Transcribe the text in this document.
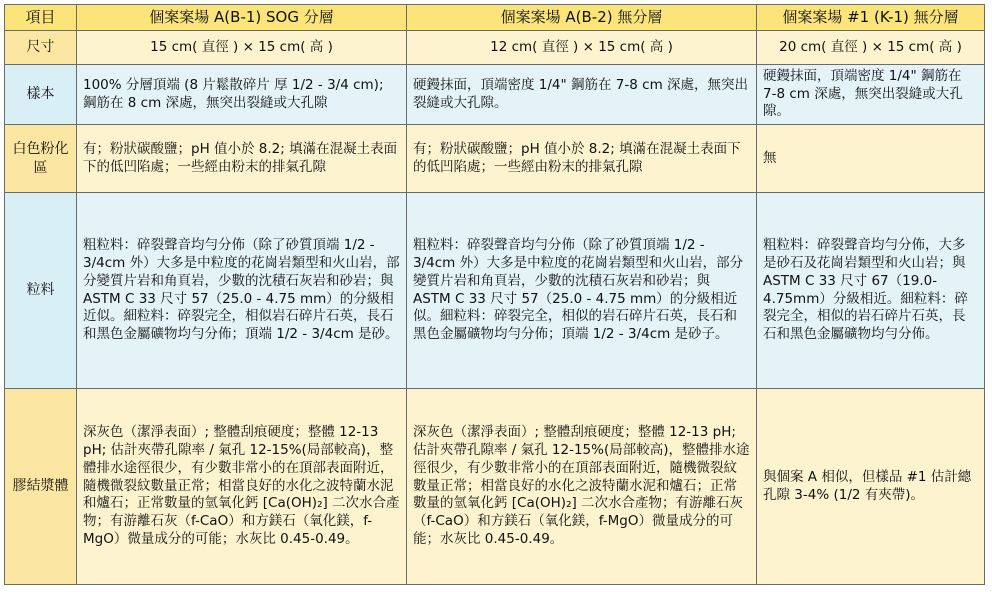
項目	個案案場 A(B-1) SOG 分層	個案案場 A(B-2) 無分層	個案案場 #1 (K-1) 無分層
尺寸	15 cm( 直徑 ) × 15 cm( 高 )	12 cm( 直徑 ) × 15 cm( 高 )	20 cm( 直徑 ) × 15 cm( 高 )
樣本	100% 分層頂端 (8 片鬆散碎片 厚 1/2 - 3/4 cm); 鋼筋在 8 cm 深處，無突出裂縫或大孔隙	硬鏝抹面，頂端密度 1/4" 鋼筋在 7-8 cm 深處，無突出裂縫或大孔隙。	硬鏝抹面，頂端密度 1/4" 鋼筋在 7-8 cm 深處，無突出裂縫或大孔隙。
白色粉化區	有；粉狀碳酸鹽；pH 值小於 8.2; 填滿在混凝土表面下的低凹陷處；一些經由粉末的排氣孔隙	有；粉狀碳酸鹽；pH 值小於 8.2; 填滿在混凝土表面下的低凹陷處；一些經由粉末的排氣孔隙	無
粒料	粗粒料：碎裂聲音均勻分佈（除了砂質頂端 1/2 - 3/4cm 外）大多是中粒度的花崗岩類型和火山岩，部分變質片岩和角頁岩，少數的沈積石灰岩和砂岩；與 ASTM C 33 尺寸 57（25.0 - 4.75 mm）的分級相近似。細粒料：碎裂完全，相似岩石碎片石英，長石和黑色金屬礦物均勻分佈；頂端 1/2 - 3/4cm 是砂。	粗粒料：碎裂聲音均勻分佈（除了砂質頂端 1/2 - 3/4cm 外）大多是中粒度的花崗岩類型和火山岩，部分變質片岩和角頁岩，少數的沈積石灰岩和砂岩；與 ASTM C 33 尺寸 57（25.0 - 4.75 mm）的分級相近似。細粒料：碎裂完全，相似的岩石碎片石英，長石和黑色金屬礦物均勻分佈；頂端 1/2 - 3/4cm 是砂子。	粗粒料：碎裂聲音均勻分佈，大多是砂石及花崗岩類型和火山岩；與 ASTM C 33 尺寸 67（19.0-4.75mm）分級相近。細粒料：碎裂完全，相似的岩石碎片石英，長石和黑色金屬礦物均勻分佈。
膠結漿體	深灰色（潔淨表面）; 整體刮痕硬度；整體 12-13 pH; 估計夾帶孔隙率 / 氣孔 12-15%(局部較高)，整體排水途徑很少，有少數非常小的在頂部表面附近，隨機微裂紋數量正常；相當良好的水化之波特蘭水泥和爐石；正常數量的氫氧化鈣 [Ca(OH)₂] 二次水合產物；有游離石灰（f-CaO）和方鎂石（氧化鎂，f-MgO）微量成分的可能；水灰比 0.45-0.49。	深灰色（潔淨表面）; 整體刮痕硬度；整體 12-13 pH; 估計夾帶孔隙率 / 氣孔 12-15%(局部較高)，整體排水途徑很少，有少數非常小的在頂部表面附近，隨機微裂紋數量正常；相當良好的水化之波特蘭水泥和爐石；正常數量的氫氧化鈣 [Ca(OH)₂] 二次水合產物；有游離石灰（f-CaO）和方鎂石（氧化鎂，f-MgO）微量成分的可能；水灰比 0.45-0.49。	與個案 A 相似，但樣品 #1 估計總孔隙 3-4% (1/2 有夾帶)。
